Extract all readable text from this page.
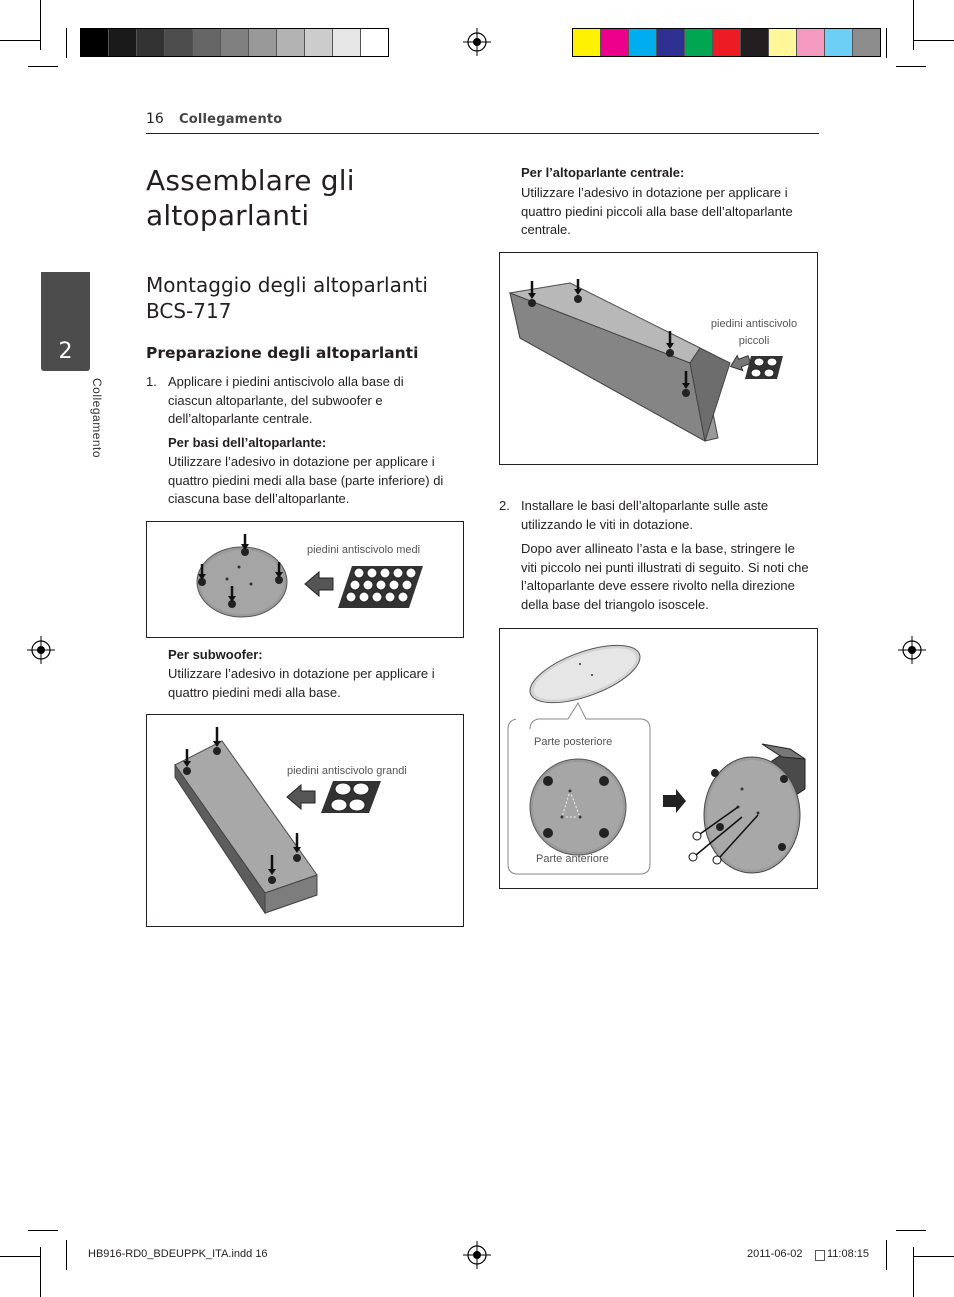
16 Collegamento
2
Collegamento
Assemblare gli altoparlanti
Montaggio degli altoparlanti BCS-717
Preparazione degli altoparlanti
1. Applicare i piedini antiscivolo alla base di ciascun altoparlante, del subwoofer e dell’altoparlante centrale.
Per basi dell’altoparlante:
Utilizzare l’adesivo in dotazione per applicare i quattro piedini medi alla base (parte inferiore) di ciascuna base dell’altoparlante.
piedini antiscivolo medi
Per subwoofer:
Utilizzare l’adesivo in dotazione per applicare i quattro piedini medi alla base.
piedini antiscivolo grandi
Per l’altoparlante centrale:
Utilizzare l’adesivo in dotazione per applicare i quattro piedini piccoli alla base dell’altoparlante centrale.
piedini antiscivolo
piccoli
2. Installare le basi dell’altoparlante sulle aste utilizzando le viti in dotazione.
Dopo aver allineato l’asta e la base, stringere le viti piccolo nei punti illustrati di seguito. Si noti che l’altoparlante deve essere rivolto nella direzione della base del triangolo isoscele.
Parte posteriore
Parte anteriore
HB916-RD0_BDEUPPK_ITA.indd 16	2011-06-02 11:08:15
